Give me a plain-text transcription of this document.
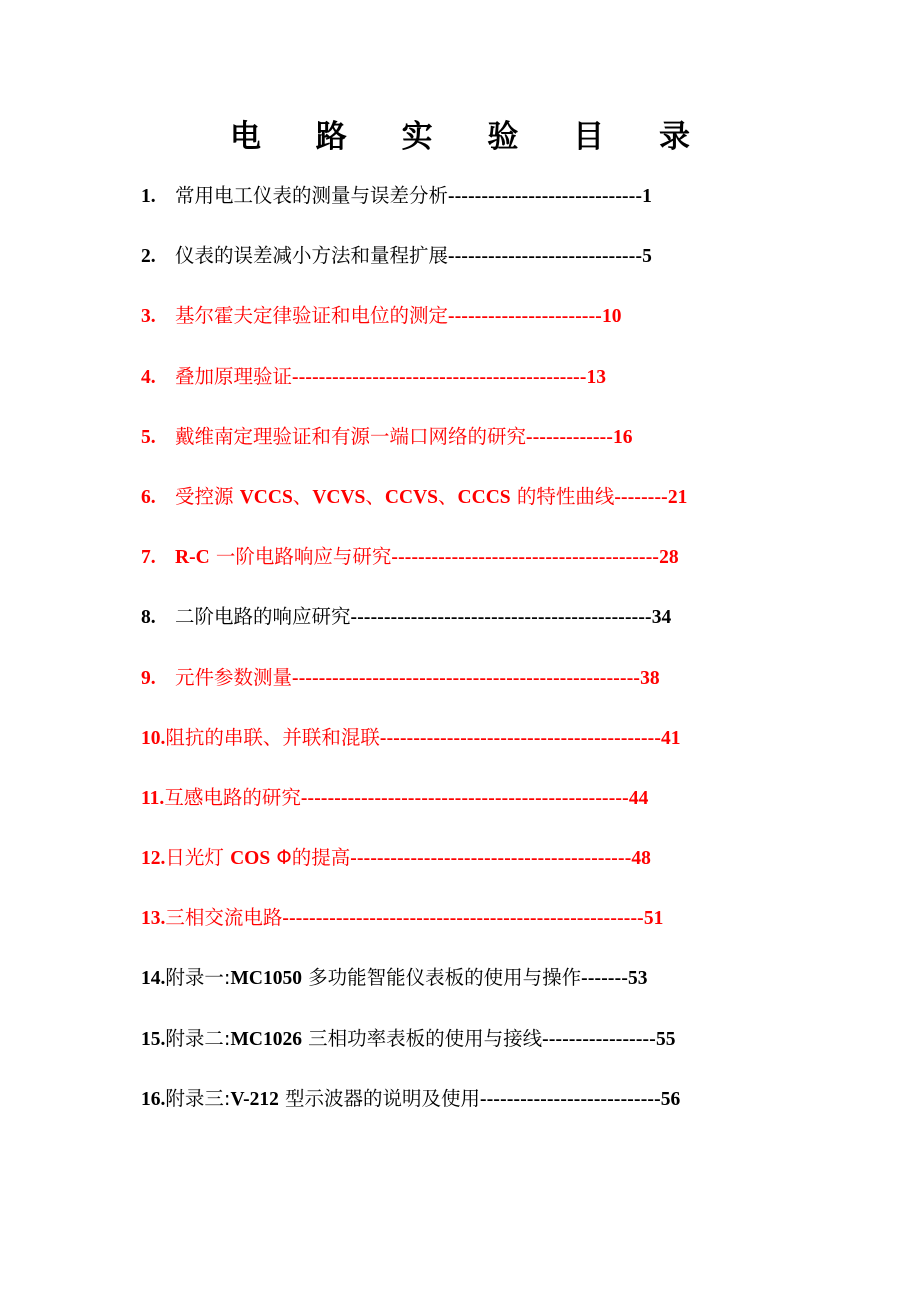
电 路 实 验 目 录
1. 常用电工仪表的测量与误差分析-----------------------------1
2. 仪表的误差减小方法和量程扩展-----------------------------5
3. 基尔霍夫定律验证和电位的测定-----------------------10
4. 叠加原理验证--------------------------------------------13
5. 戴维南定理验证和有源一端口网络的研究-------------16
6. 受控源 VCCS、VCVS、CCVS、CCCS 的特性曲线--------21
7. R-C 一阶电路响应与研究----------------------------------------28
8. 二阶电路的响应研究---------------------------------------------34
9. 元件参数测量----------------------------------------------------38
10.阻抗的串联、并联和混联------------------------------------------41
11.互感电路的研究-------------------------------------------------44
12.日光灯 COS Φ的提高------------------------------------------48
13.三相交流电路------------------------------------------------------51
14.附录一:MC1050 多功能智能仪表板的使用与操作-------53
15.附录二:MC1026 三相功率表板的使用与接线-----------------55
16.附录三:V-212 型示波器的说明及使用---------------------------56
